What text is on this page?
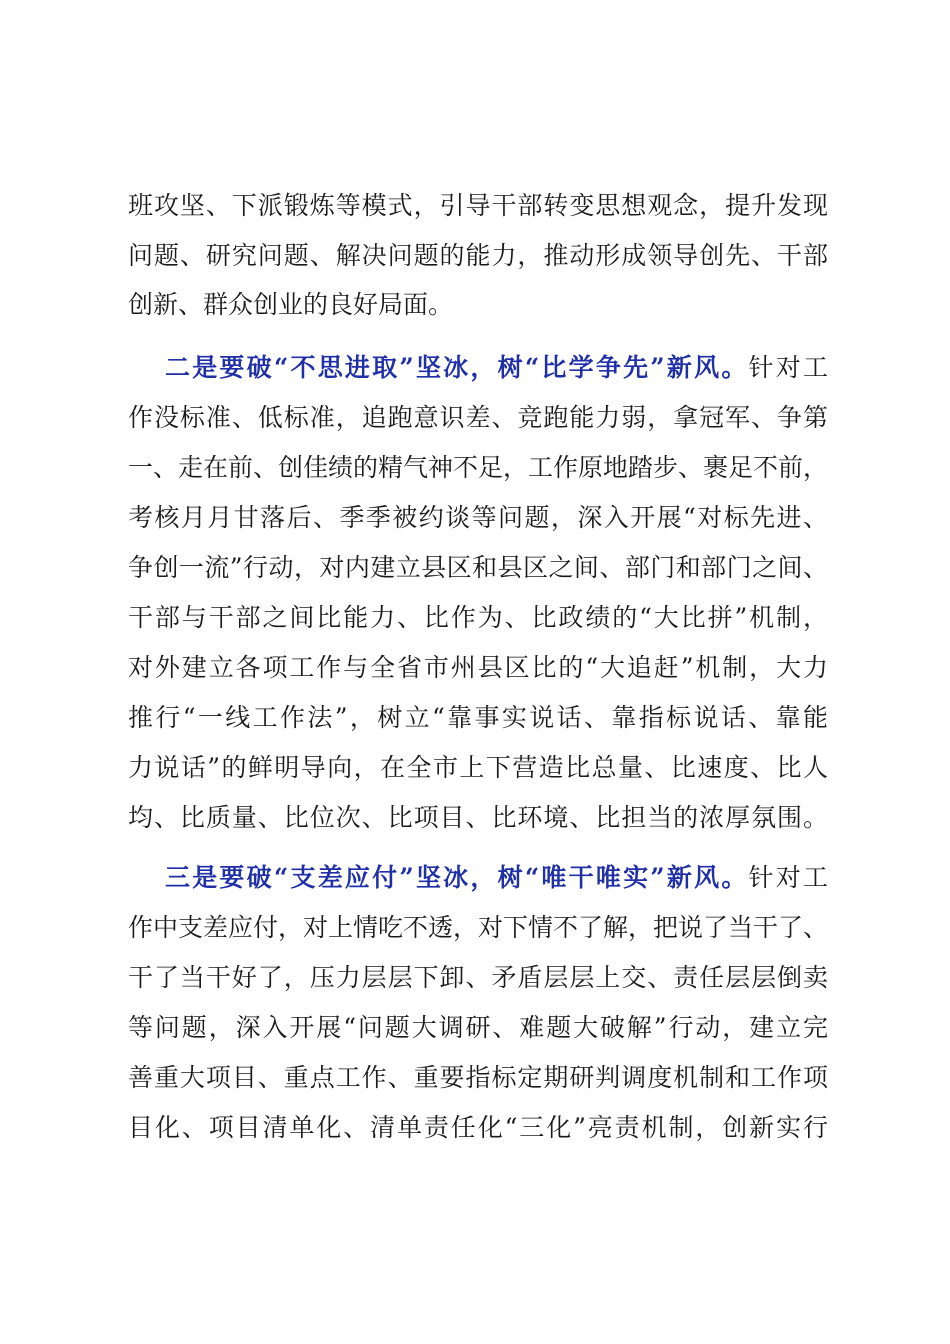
班攻坚、下派锻炼等模式，引导干部转变思想观念，提升发现
问题、研究问题、解决问题的能力，推动形成领导创先、干部
创新、群众创业的良好局面。
二是要破“不思进取”坚冰，树“比学争先”新风。针对工
作没标准、低标准，追跑意识差、竞跑能力弱，拿冠军、争第
一、走在前、创佳绩的精气神不足，工作原地踏步、裹足不前，
考核月月甘落后、季季被约谈等问题，深入开展“对标先进、
争创一流”行动，对内建立县区和县区之间、部门和部门之间、
干部与干部之间比能力、比作为、比政绩的“大比拼”机制，
对外建立各项工作与全省市州县区比的“大追赶”机制，大力
推行“一线工作法”，树立“靠事实说话、靠指标说话、靠能
力说话”的鲜明导向，在全市上下营造比总量、比速度、比人
均、比质量、比位次、比项目、比环境、比担当的浓厚氛围。
三是要破“支差应付”坚冰，树“唯干唯实”新风。针对工
作中支差应付，对上情吃不透，对下情不了解，把说了当干了、
干了当干好了，压力层层下卸、矛盾层层上交、责任层层倒卖
等问题，深入开展“问题大调研、难题大破解”行动，建立完
善重大项目、重点工作、重要指标定期研判调度机制和工作项
目化、项目清单化、清单责任化“三化”亮责机制，创新实行
